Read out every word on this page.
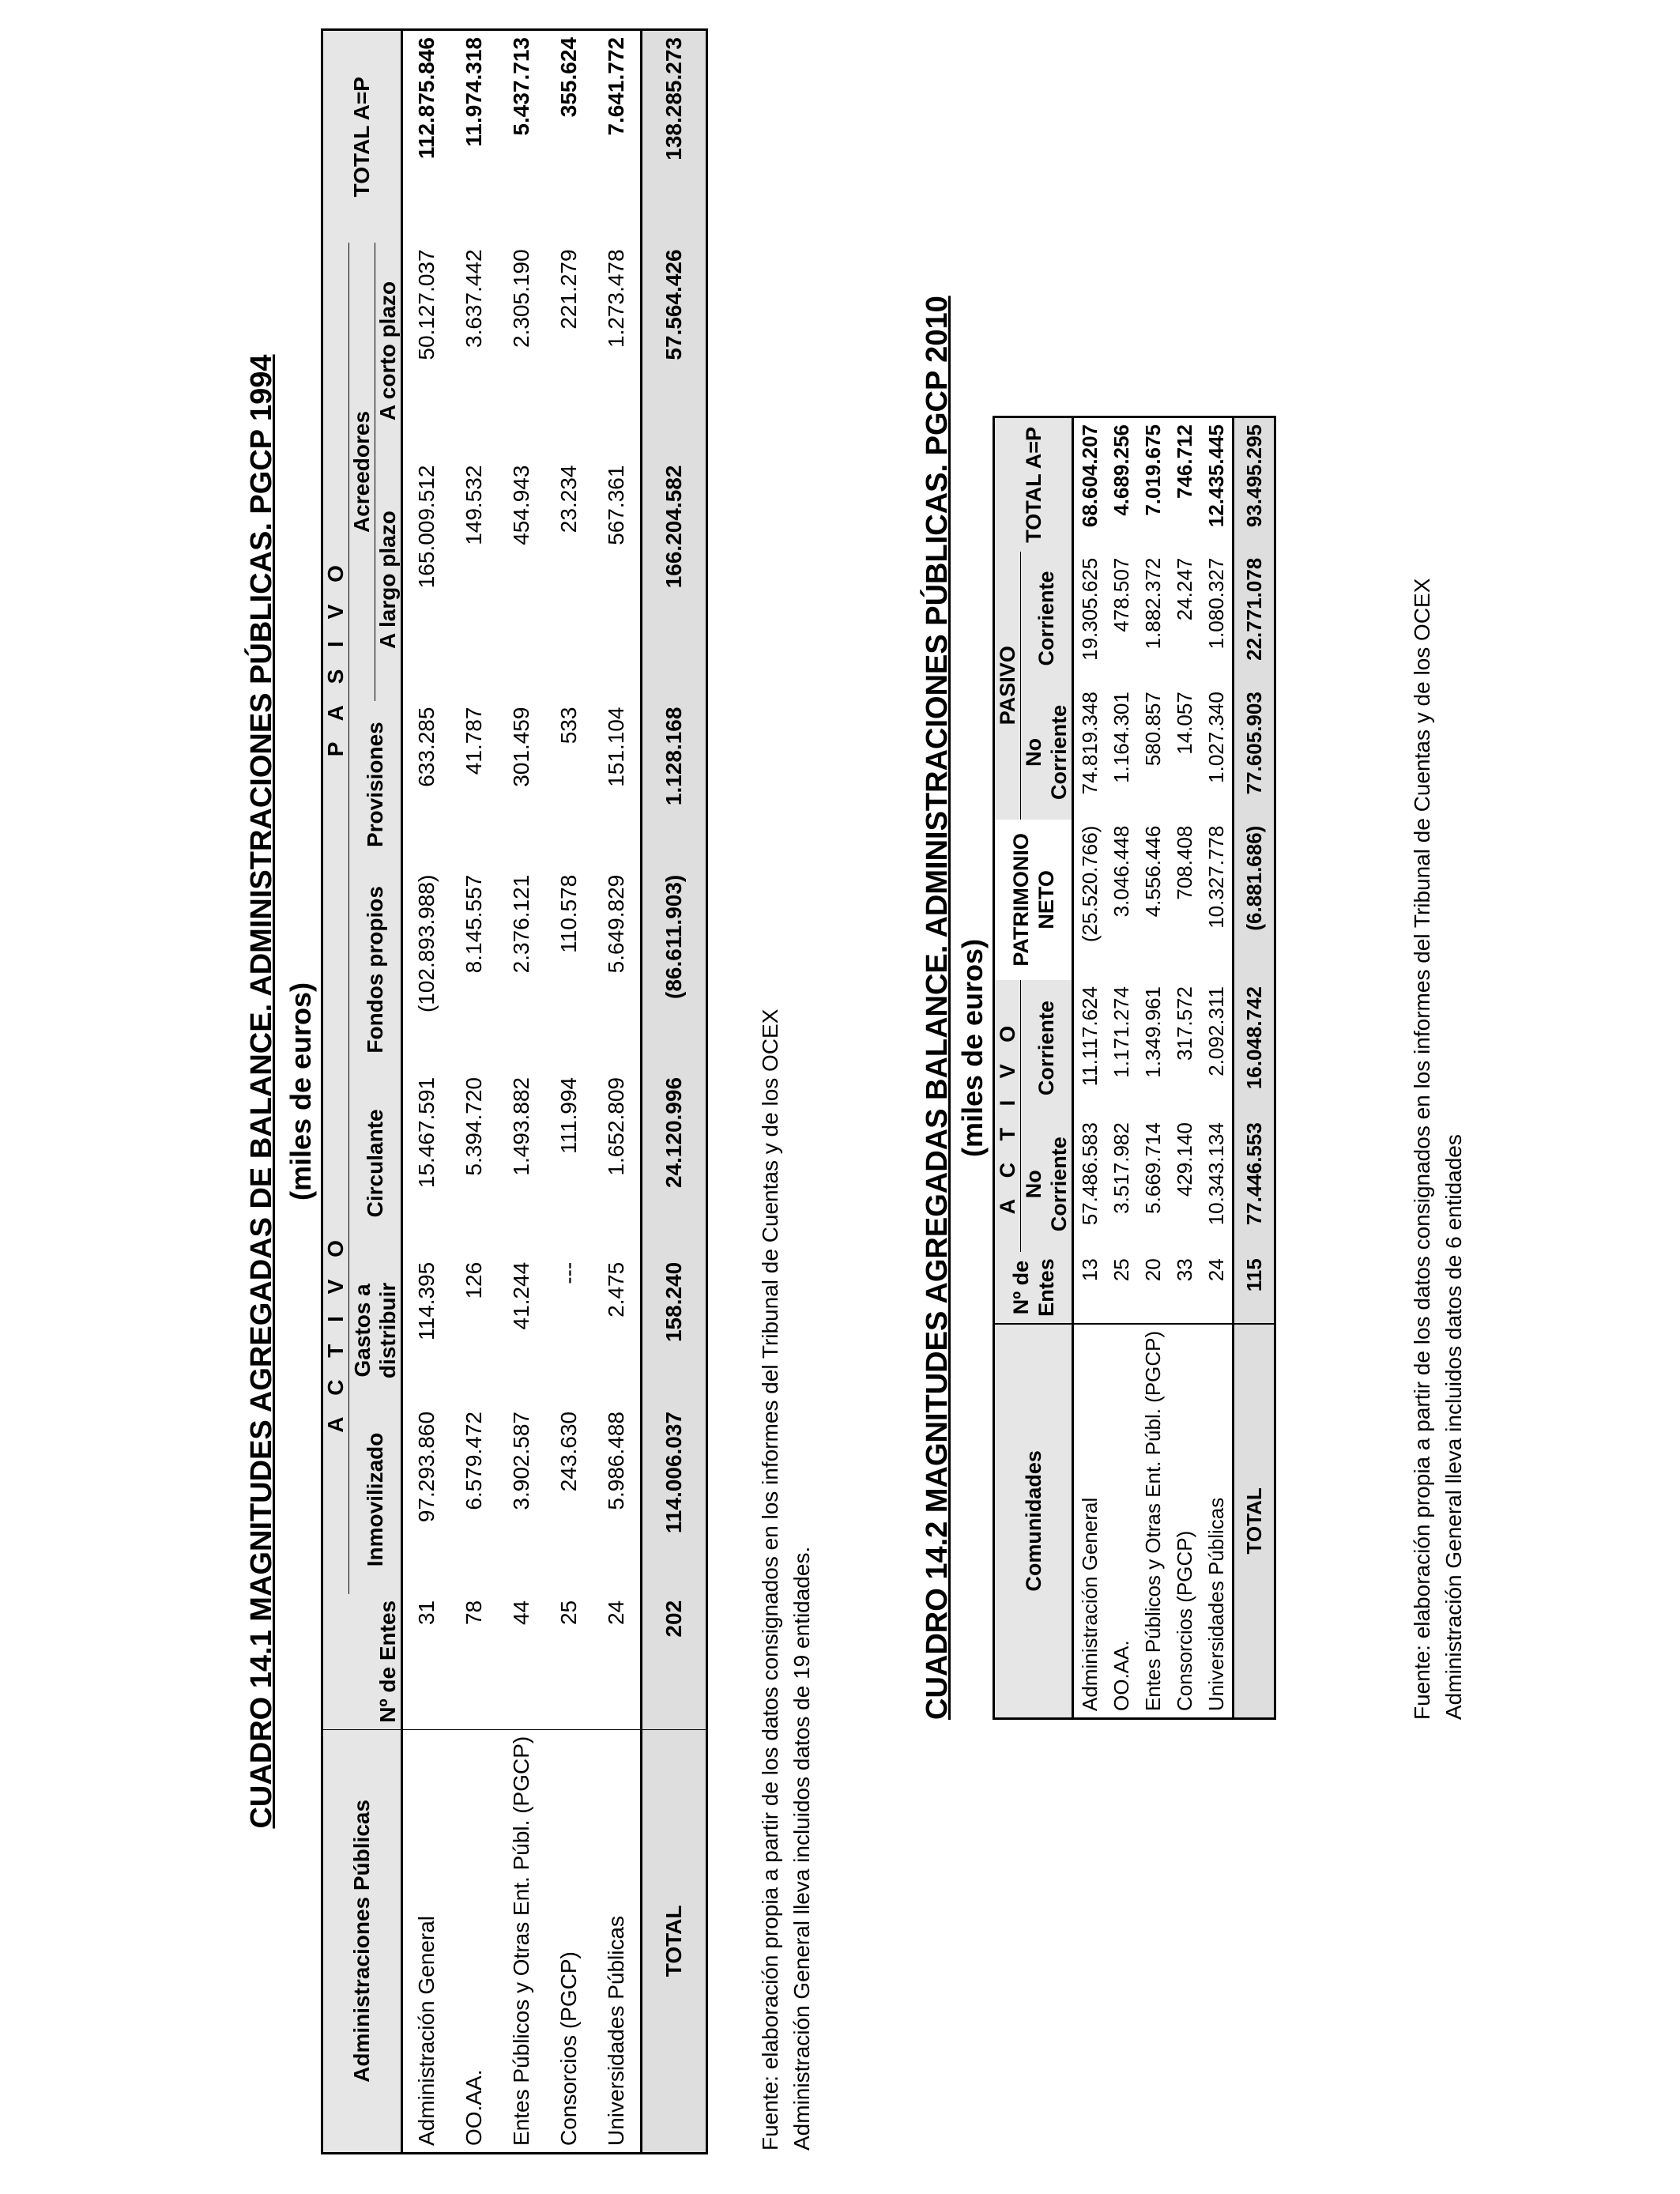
CUADRO 14.1 MAGNITUDES AGREGADAS DE BALANCE. ADMINISTRACIONES PÚBLICAS. PGCP 1994 (miles de euros)
Administraciones Públicas	Nº de Entes	A C T I V O			P A S I V O				TOTAL A=P
		Inmovilizado	Gastos a distribuir	Circulante	Fondos propios	Provisiones	Acreedores		
							A largo plazo	A corto plazo	
Administración General	31	97.293.860	114.395	15.467.591	(102.893.988)	633.285	165.009.512	50.127.037	112.875.846
OO.AA.	78	6.579.472	126	5.394.720	8.145.557	41.787	149.532	3.637.442	11.974.318
Entes Públicos y Otras Ent. Públ. (PGCP)	44	3.902.587	41.244	1.493.882	2.376.121	301.459	454.943	2.305.190	5.437.713
Consorcios (PGCP)	25	243.630	---	111.994	110.578	533	23.234	221.279	355.624
Universidades Públicas	24	5.986.488	2.475	1.652.809	5.649.829	151.104	567.361	1.273.478	7.641.772
TOTAL	202	114.006.037	158.240	24.120.996	(86.611.903)	1.128.168	166.204.582	57.564.426	138.285.273
Fuente: elaboración propia a partir de los datos consignados en los informes del Tribunal de Cuentas y de los OCEX Administración General lleva incluidos datos de 19 entidades.
CUADRO 14.2 MAGNITUDES AGREGADAS BALANCE. ADMINISTRACIONES PÚBLICAS. PGCP 2010 (miles de euros)
Comunidades	Nº de Entes	A C T I V O		PATRIMONIO NETO	PASIVO		TOTAL A=P
		No Corriente	Corriente		No Corriente	Corriente	
Administración General	13	57.486.583	11.117.624	(25.520.766)	74.819.348	19.305.625	68.604.207
OO.AA.	25	3.517.982	1.171.274	3.046.448	1.164.301	478.507	4.689.256
Entes Públicos y Otras Ent. Públ. (PGCP)	20	5.669.714	1.349.961	4.556.446	580.857	1.882.372	7.019.675
Consorcios (PGCP)	33	429.140	317.572	708.408	14.057	24.247	746.712
Universidades Públicas	24	10.343.134	2.092.311	10.327.778	1.027.340	1.080.327	12.435.445
TOTAL	115	77.446.553	16.048.742	(6.881.686)	77.605.903	22.771.078	93.495.295
Fuente: elaboración propia a partir de los datos consignados en los informes del Tribunal de Cuentas y de los OCEX Administración General lleva incluidos datos de 6 entidades
